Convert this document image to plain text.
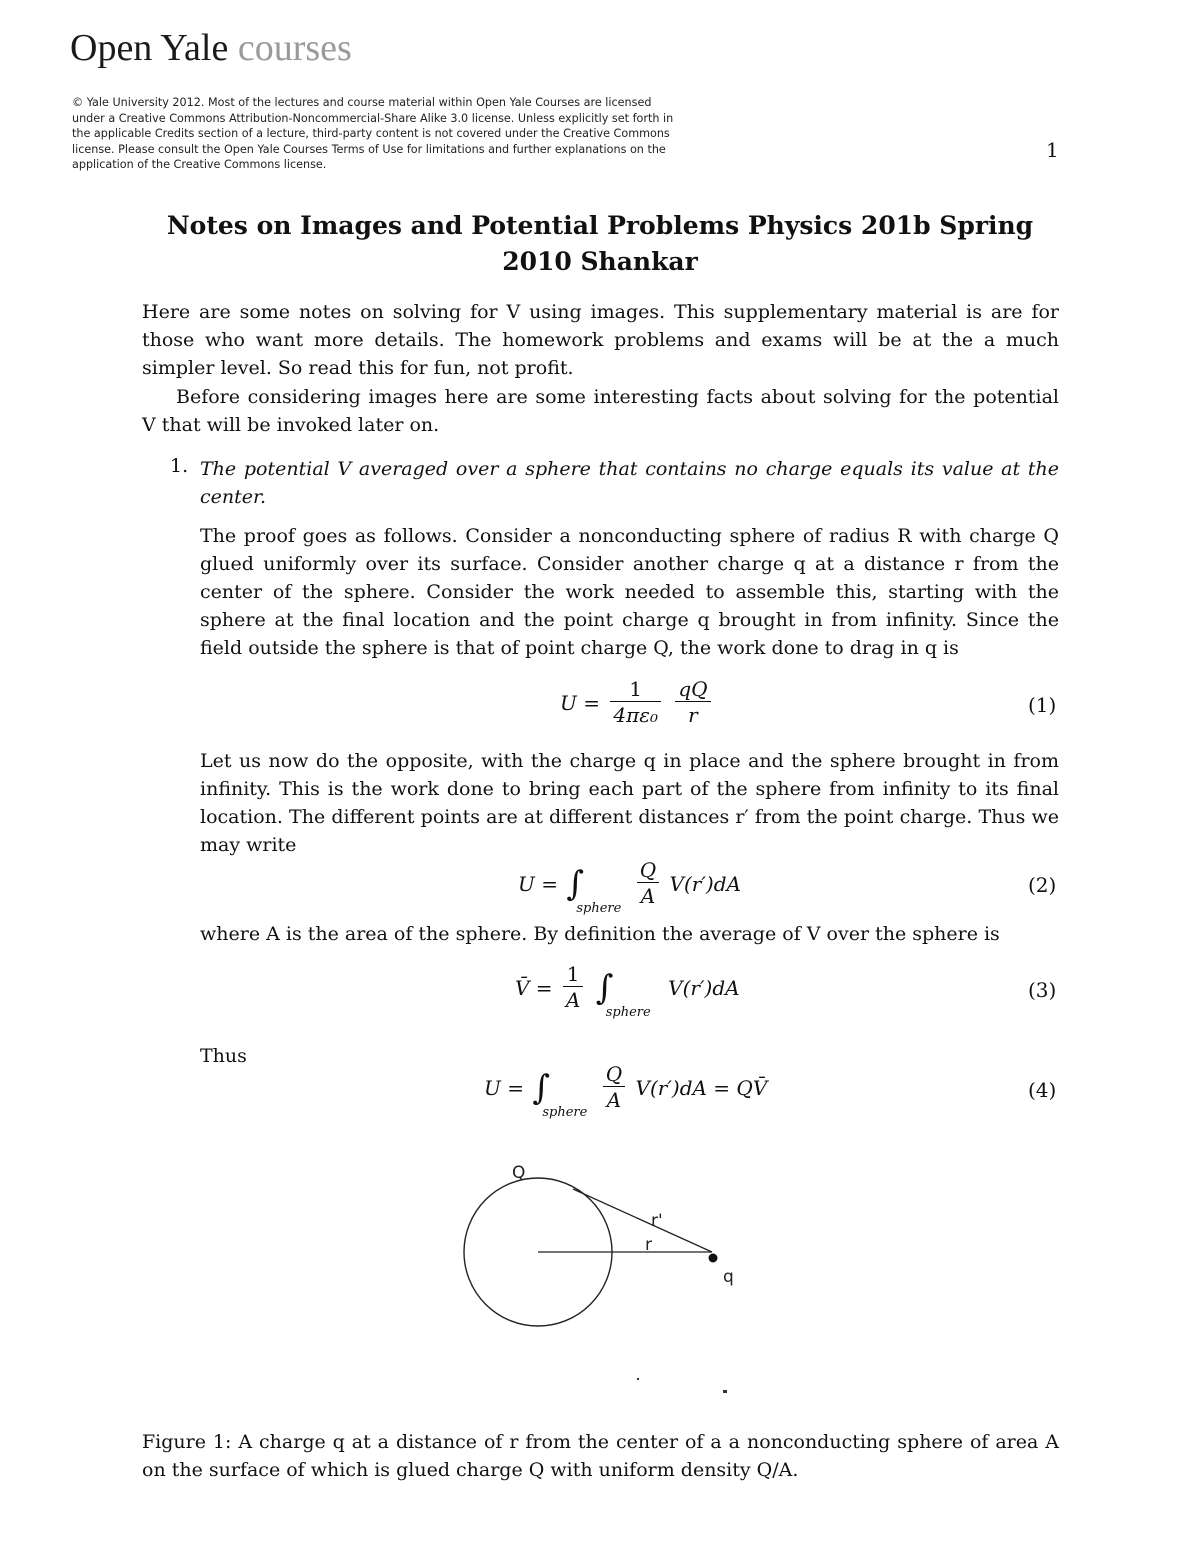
Open Yale courses
© Yale University 2012. Most of the lectures and course material within Open Yale Courses are licensed
under a Creative Commons Attribution-Noncommercial-Share Alike 3.0 license. Unless explicitly set forth in
the applicable Credits section of a lecture, third-party content is not covered under the Creative Commons
license. Please consult the Open Yale Courses Terms of Use for limitations and further explanations on the
application of the Creative Commons license.
1
Notes on Images and Potential Problems Physics 201b Spring 2010 Shankar
Here are some notes on solving for V using images. This supplementary material is are for those who want more details. The homework problems and exams will be at the a much simpler level. So read this for fun, not profit.
Before considering images here are some interesting facts about solving for the potential V that will be invoked later on.
1. The potential V averaged over a sphere that contains no charge equals its value at the center.
The proof goes as follows. Consider a nonconducting sphere of radius R with charge Q glued uniformly over its surface. Consider another charge q at a distance r from the center of the sphere. Consider the work needed to assemble this, starting with the sphere at the final location and the point charge q brought in from infinity. Since the field outside the sphere is that of point charge Q, the work done to drag in q is
$U = \frac{1}{\text{4πε₀}}$
$\frac{qQ}{r}$	(1)
Let us now do the opposite, with the charge q in place and the sphere brought in from infinity. This is the work done to bring each part of the sphere from infinity to its final location. The different points are at different distances r′ from the point charge. Thus we may write
U = ∫
sphere
$\frac{Q}{A} V(r')dA$	(2)
where A is the area of the sphere. By definition the average of V over the sphere is
V̄ = $\frac{1}{A}$ ∫
sphere
V(r′)dA	(3)
Thus
U = ∫
sphere
$\frac{Q}{A} V(r')dA$ = QV̄	(4)
Q
r'
r
q
Figure 1: A charge q at a distance of r from the center of a a nonconducting sphere of area A on the surface of which is glued charge Q with uniform density Q/A.
